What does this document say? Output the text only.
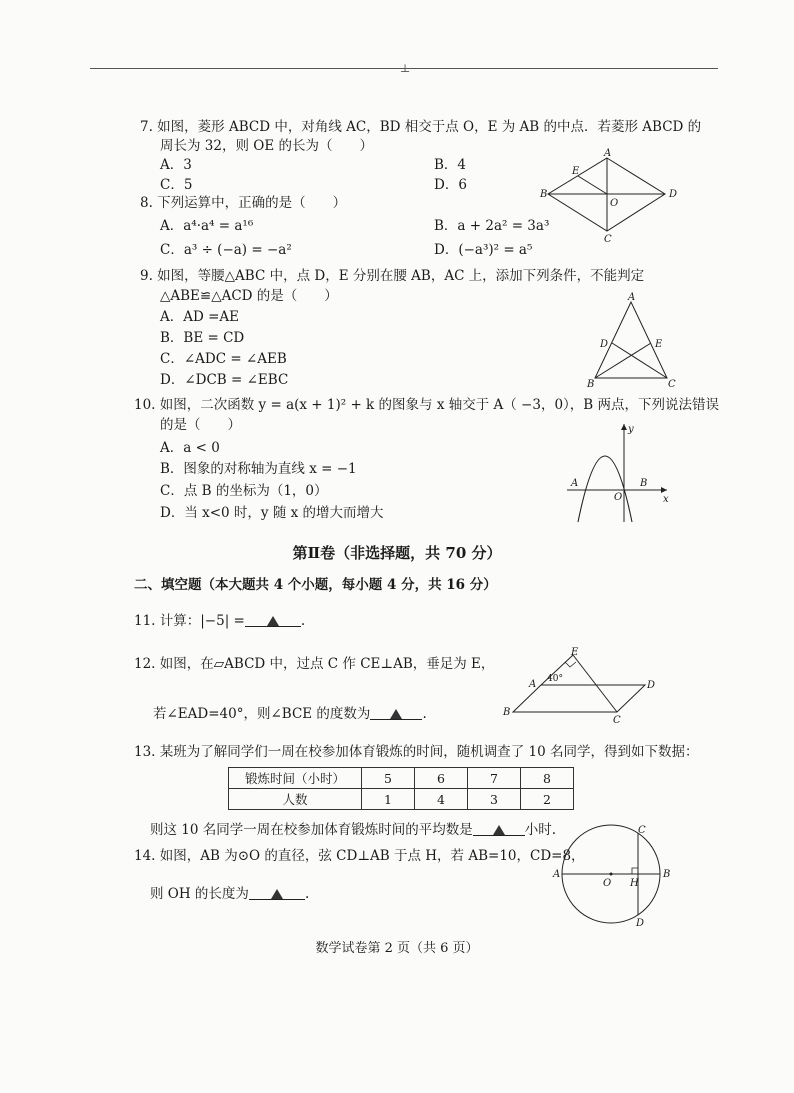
⊥
7. 如图，菱形 ABCD 中，对角线 AC，BD 相交于点 O，E 为 AB 的中点．若菱形 ABCD 的
周长为 32，则 OE 的长为（　　）
A．3	B．4
C．5	D．6
A
B
C
D
E
O
8. 下列运算中，正确的是（　　）
A．a⁴·a⁴ = a¹⁶	B．a + 2a² = 3a³
C．a³ ÷ (−a) = −a²	D．(−a³)² = a⁵
9. 如图，等腰△ABC 中，点 D，E 分别在腰 AB，AC 上，添加下列条件，不能判定
△ABE≌△ACD 的是（　　）
A．AD =AE
B．BE = CD
C．∠ADC = ∠AEB
D．∠DCB = ∠EBC
A
B	C
D	E
10. 如图，二次函数 y = a(x + 1)² + k 的图象与 x 轴交于 A（ −3，0），B 两点，下列说法错误
的是（　　）
A．a < 0
B．图象的对称轴为直线 x = −1
C．点 B 的坐标为（1，0）
D．当 x<0 时，y 随 x 的增大而增大
y
x
A	B
O
第Ⅱ卷（非选择题，共 70 分）
二、填空题（本大题共 4 个小题，每小题 4 分，共 16 分）
11. 计算：|−5| =	.
12. 如图，在▱ABCD 中，过点 C 作 CE⊥AB，垂足为 E，
若∠EAD=40°，则∠BCE 的度数为	.
E
A
B
C
D
40°
13. 某班为了解同学们一周在校参加体育锻炼的时间，随机调查了 10 名同学，得到如下数据：
锻炼时间（小时）	5	6	7	8
人数	1	4	3	2
则这 10 名同学一周在校参加体育锻炼时间的平均数是	小时.
14. 如图，AB 为⊙O 的直径，弦 CD⊥AB 于点 H，若 AB=10，CD=8，
则 OH 的长度为	.
A	B
C
D
O H
数学试卷第 2 页（共 6 页）
